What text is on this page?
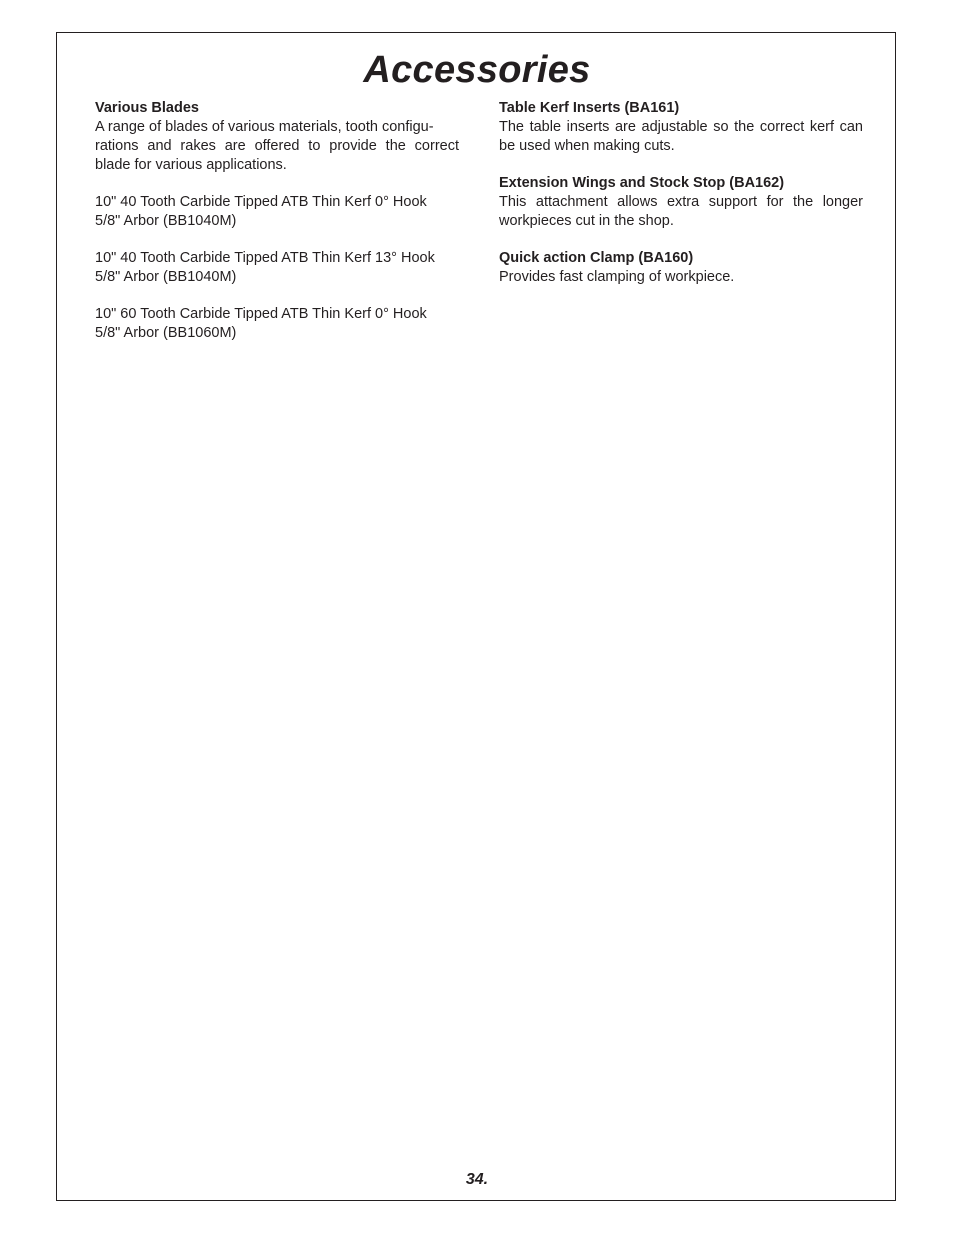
Accessories
Various Blades
A range of blades of various materials, tooth configu-
rations and rakes are offered to provide the correct blade for various applications.
10" 40 Tooth Carbide Tipped ATB Thin Kerf 0° Hook
5/8" Arbor (BB1040M)
10" 40 Tooth Carbide Tipped ATB Thin Kerf 13° Hook
5/8" Arbor (BB1040M)
10" 60 Tooth Carbide Tipped ATB Thin Kerf 0° Hook
5/8" Arbor (BB1060M)
Table Kerf Inserts (BA161)
The table inserts are adjustable so the correct kerf can be used when making cuts.
Extension Wings and Stock Stop (BA162)
This attachment allows extra support for the longer workpieces cut in the shop.
Quick action Clamp (BA160)
Provides fast clamping of workpiece.
34.
